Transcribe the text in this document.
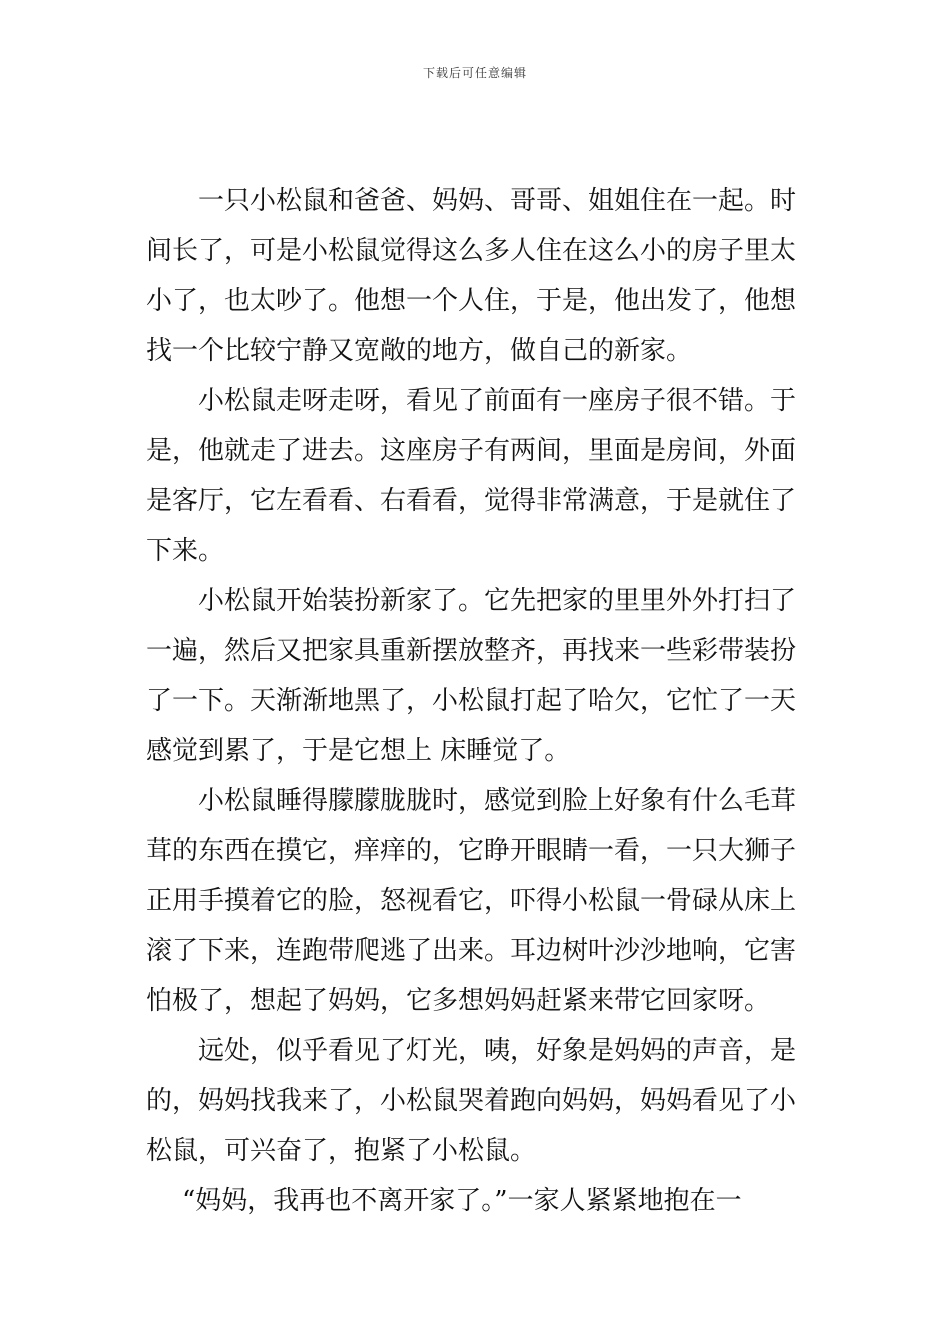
下载后可任意编辑
一只小松鼠和爸爸、妈妈、哥哥、姐姐住在一起。时
间长了，可是小松鼠觉得这么多人住在这么小的房子里太
小了，也太吵了。他想一个人住，于是，他出发了，他想
找一个比较宁静又宽敞的地方，做自己的新家。
小松鼠走呀走呀，看见了前面有一座房子很不错。于
是，他就走了进去。这座房子有两间，里面是房间，外面
是客厅，它左看看、右看看，觉得非常满意，于是就住了
下来。
小松鼠开始装扮新家了。它先把家的里里外外打扫了
一遍，然后又把家具重新摆放整齐，再找来一些彩带装扮
了一下。天渐渐地黑了，小松鼠打起了哈欠，它忙了一天
感觉到累了，于是它想上 床睡觉了。
小松鼠睡得朦朦胧胧时，感觉到脸上好象有什么毛茸
茸的东西在摸它，痒痒的，它睁开眼睛一看，一只大狮子
正用手摸着它的脸，怒视看它，吓得小松鼠一骨碌从床上
滚了下来，连跑带爬逃了出来。耳边树叶沙沙地响，它害
怕极了，想起了妈妈，它多想妈妈赶紧来带它回家呀。
远处，似乎看见了灯光，咦，好象是妈妈的声音，是
的，妈妈找我来了，小松鼠哭着跑向妈妈，妈妈看见了小
松鼠，可兴奋了，抱紧了小松鼠。
“妈妈，我再也不离开家了。”一家人紧紧地抱在一
